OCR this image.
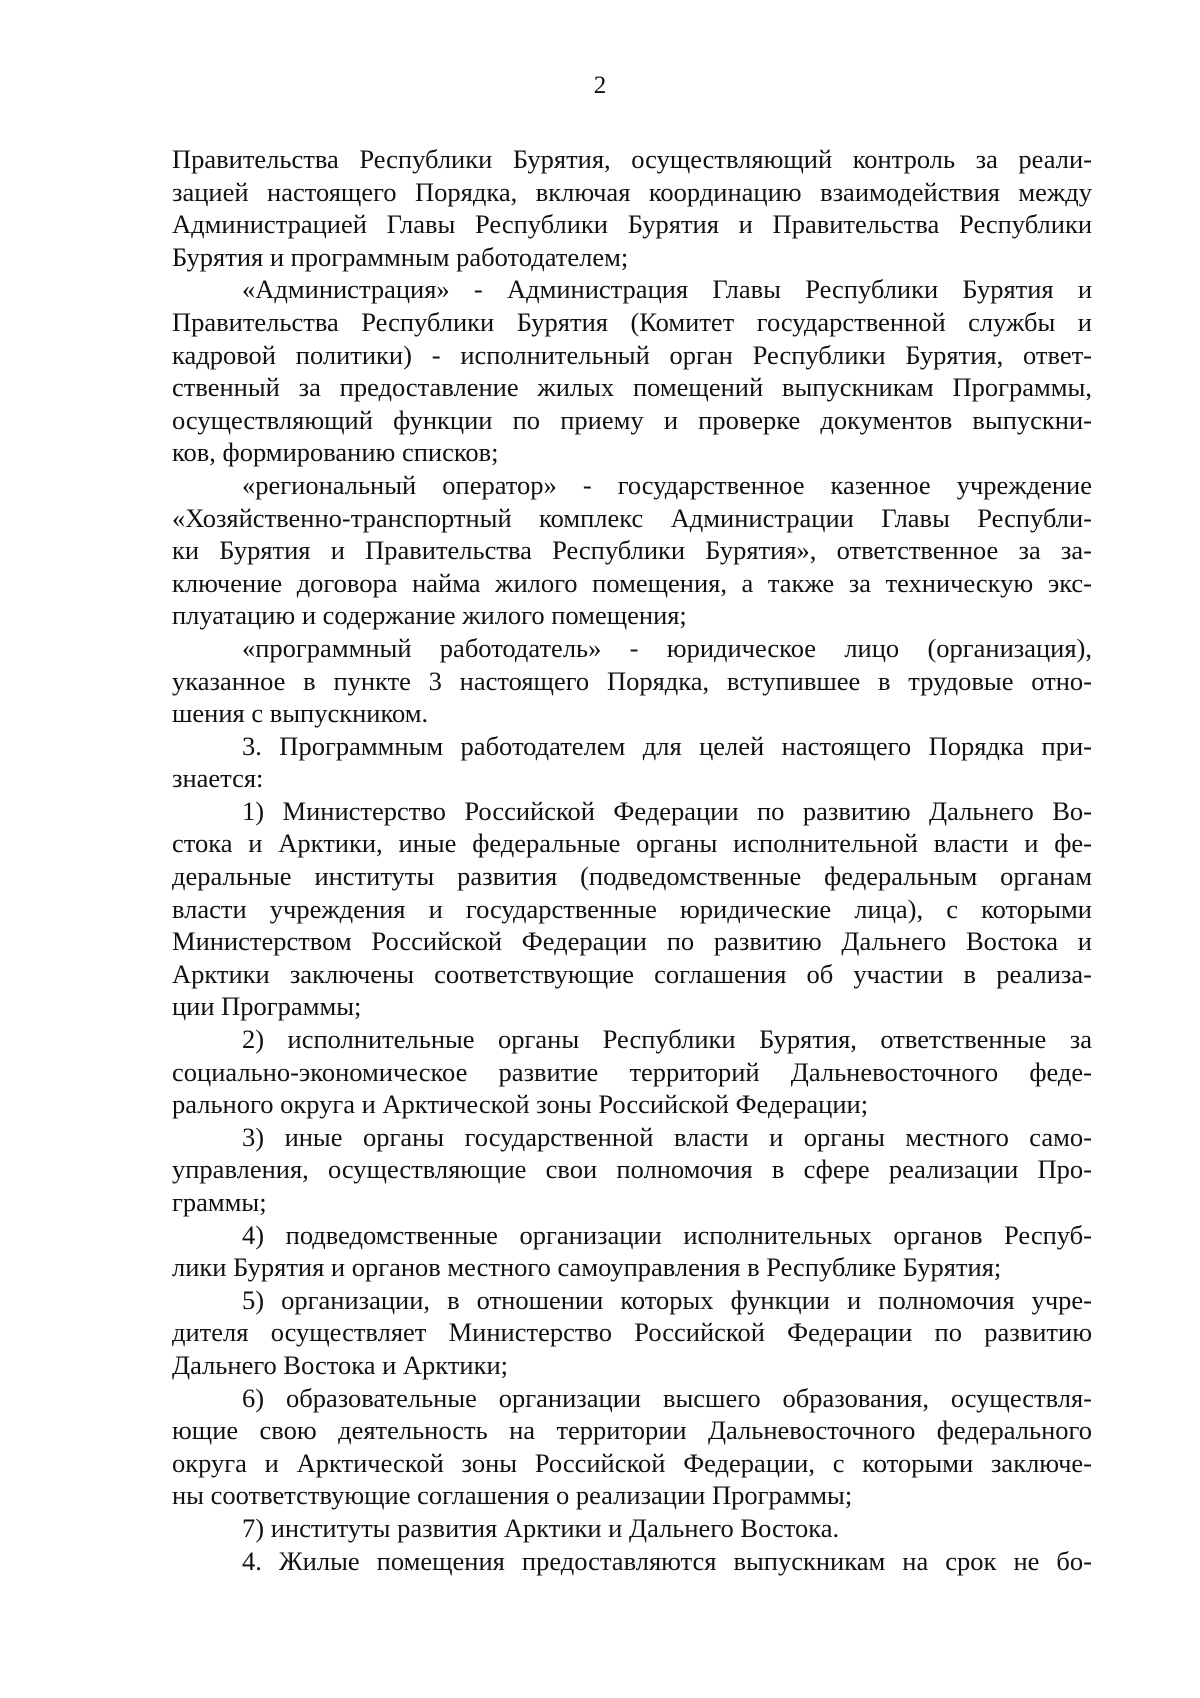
2
Правительства Республики Бурятия, осуществляющий контроль за реали-
зацией настоящего Порядка, включая координацию взаимодействия между
Администрацией Главы Республики Бурятия и Правительства Республики
Бурятия и программным работодателем;
«Администрация» - Администрация Главы Республики Бурятия и
Правительства Республики Бурятия (Комитет государственной службы и
кадровой политики) - исполнительный орган Республики Бурятия, ответ-
ственный за предоставление жилых помещений выпускникам Программы,
осуществляющий функции по приему и проверке документов выпускни-
ков, формированию списков;
«региональный оператор» - государственное казенное учреждение
«Хозяйственно-транспортный комплекс Администрации Главы Республи-
ки Бурятия и Правительства Республики Бурятия», ответственное за за-
ключение договора найма жилого помещения, а также за техническую экс-
плуатацию и содержание жилого помещения;
«программный работодатель» - юридическое лицо (организация),
указанное в пункте 3 настоящего Порядка, вступившее в трудовые отно-
шения с выпускником.
3. Программным работодателем для целей настоящего Порядка при-
знается:
1) Министерство Российской Федерации по развитию Дальнего Во-
стока и Арктики, иные федеральные органы исполнительной власти и фе-
деральные институты развития (подведомственные федеральным органам
власти учреждения и государственные юридические лица), с которыми
Министерством Российской Федерации по развитию Дальнего Востока и
Арктики заключены соответствующие соглашения об участии в реализа-
ции Программы;
2) исполнительные органы Республики Бурятия, ответственные за
социально-экономическое развитие территорий Дальневосточного феде-
рального округа и Арктической зоны Российской Федерации;
3) иные органы государственной власти и органы местного само-
управления, осуществляющие свои полномочия в сфере реализации Про-
граммы;
4) подведомственные организации исполнительных органов Респуб-
лики Бурятия и органов местного самоуправления в Республике Бурятия;
5) организации, в отношении которых функции и полномочия учре-
дителя осуществляет Министерство Российской Федерации по развитию
Дальнего Востока и Арктики;
6) образовательные организации высшего образования, осуществля-
ющие свою деятельность на территории Дальневосточного федерального
округа и Арктической зоны Российской Федерации, с которыми заключе-
ны соответствующие соглашения о реализации Программы;
7) институты развития Арктики и Дальнего Востока.
4. Жилые помещения предоставляются выпускникам на срок не бо-
